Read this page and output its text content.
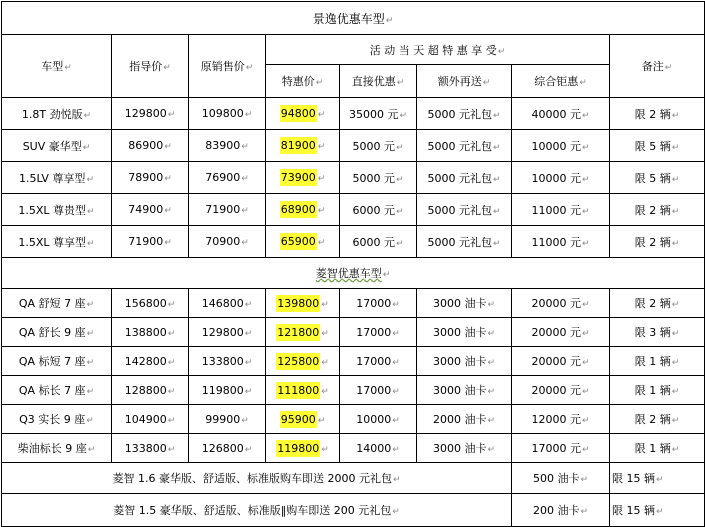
景逸优惠车型↵							
车型↵	指导价↵	原销售价↵	活 动 当 天 超 特 惠 享 受↵				备注↵
			特惠价↵	直接优惠↵	额外再送↵	综合钜惠↵	
1.8T 劲悦版↵	129800↵	109800↵	94800 ↵	35000 元↵	5000 元礼包↵	40000 元↵	限 2 辆↵
SUV 豪华型↵	86900↵	83900↵	81900 ↵	5000 元↵	5000 元礼包↵	10000 元↵	限 5 辆↵
1.5LV 尊享型↵	78900↵	76900↵	73900 ↵	5000 元↵	5000 元礼包↵	10000 元↵	限 5 辆↵
1.5XL 尊贵型↵	74900↵	71900↵	68900 ↵	6000 元↵	5000 元礼包↵	11000 元↵	限 2 辆↵
1.5XL 尊享型↵	71900↵	70900↵	65900 ↵	6000 元↵	5000 元礼包↵	11000 元↵	限 2 辆↵
菱智优惠车型↵							
QA 舒短 7 座↵	156800↵	146800↵	139800 ↵	17000↵	3000 油卡↵	20000 元↵	限 2 辆↵
QA 舒长 9 座↵	138800↵	129800↵	121800 ↵	17000↵	3000 油卡↵	20000 元↵	限 3 辆↵
QA 标短 7 座↵	142800↵	133800↵	125800 ↵	17000↵	3000 油卡↵	20000 元↵	限 1 辆↵
QA 标长 7 座↵	128800↵	119800↵	111800 ↵	17000↵	3000 油卡↵	20000 元↵	限 1 辆↵
Q3 实长 9 座↵	104900↵	99900↵	95900 ↵	10000↵	2000 油卡↵	12000 元↵	限 2 辆↵
柴油标长 9 座↵	133800↵	126800↵	119800 ↵	14000↵	3000 油卡↵	17000 元↵	限 1 辆↵
菱智 1.6 豪华版、舒适版、标准版购车即送 2000 元礼包↵						500 油卡↵	限 15 辆↵
菱智 1.5 豪华版、舒适版、标准版‖购车即送 200 元礼包↵						200 油卡↵	限 15 辆↵
